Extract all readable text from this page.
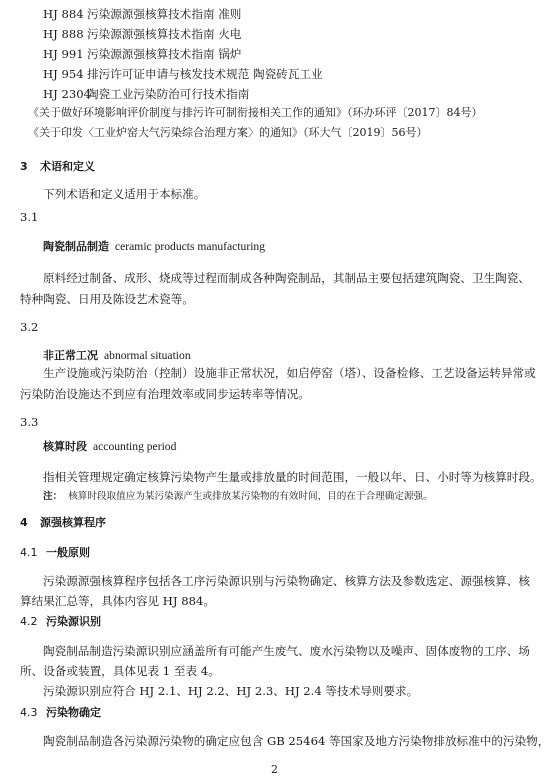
HJ 884 污染源源强核算技术指南 准则
HJ 888 污染源源强核算技术指南 火电
HJ 991 污染源源强核算技术指南 锅炉
HJ 954 排污许可证申请与核发技术规范 陶瓷砖瓦工业
HJ 2304陶瓷工业污染防治可行技术指南
《关于做好环境影响评价制度与排污许可制衔接相关工作的通知》（环办环评〔2017〕84号）
《关于印发〈工业炉窑大气污染综合治理方案〉的通知》（环大气〔2019〕56号）
3 术语和定义
下列术语和定义适用于本标准。
3.1
陶瓷制品制造 ceramic products manufacturing
原料经过制备、成形、烧成等过程而制成各种陶瓷制品，其制品主要包括建筑陶瓷、卫生陶瓷、
特种陶瓷、日用及陈设艺术瓷等。
3.2
非正常工况 abnormal situation
生产设施或污染防治（控制）设施非正常状况，如启停窑（塔）、设备检修、工艺设备运转异常或
污染防治设施达不到应有治理效率或同步运转率等情况。
3.3
核算时段 accounting period
指相关管理规定确定核算污染物产生量或排放量的时间范围，一般以年、日、小时等为核算时段。
注： 核算时段取值应为某污染源产生或排放某污染物的有效时间，目的在于合理确定源强。
4 源强核算程序
4.1 一般原则
污染源源强核算程序包括各工序污染源识别与污染物确定、核算方法及参数选定、源强核算、核
算结果汇总等，具体内容见 HJ 884。
4.2 污染源识别
陶瓷制品制造污染源识别应涵盖所有可能产生废气、废水污染物以及噪声、固体废物的工序、场
所、设备或装置，具体见表 1 至表 4。
污染源识别应符合 HJ 2.1、HJ 2.2、HJ 2.3、HJ 2.4 等技术导则要求。
4.3 污染物确定
陶瓷制品制造各污染源污染物的确定应包含 GB 25464 等国家及地方污染物排放标准中的污染物，
2
